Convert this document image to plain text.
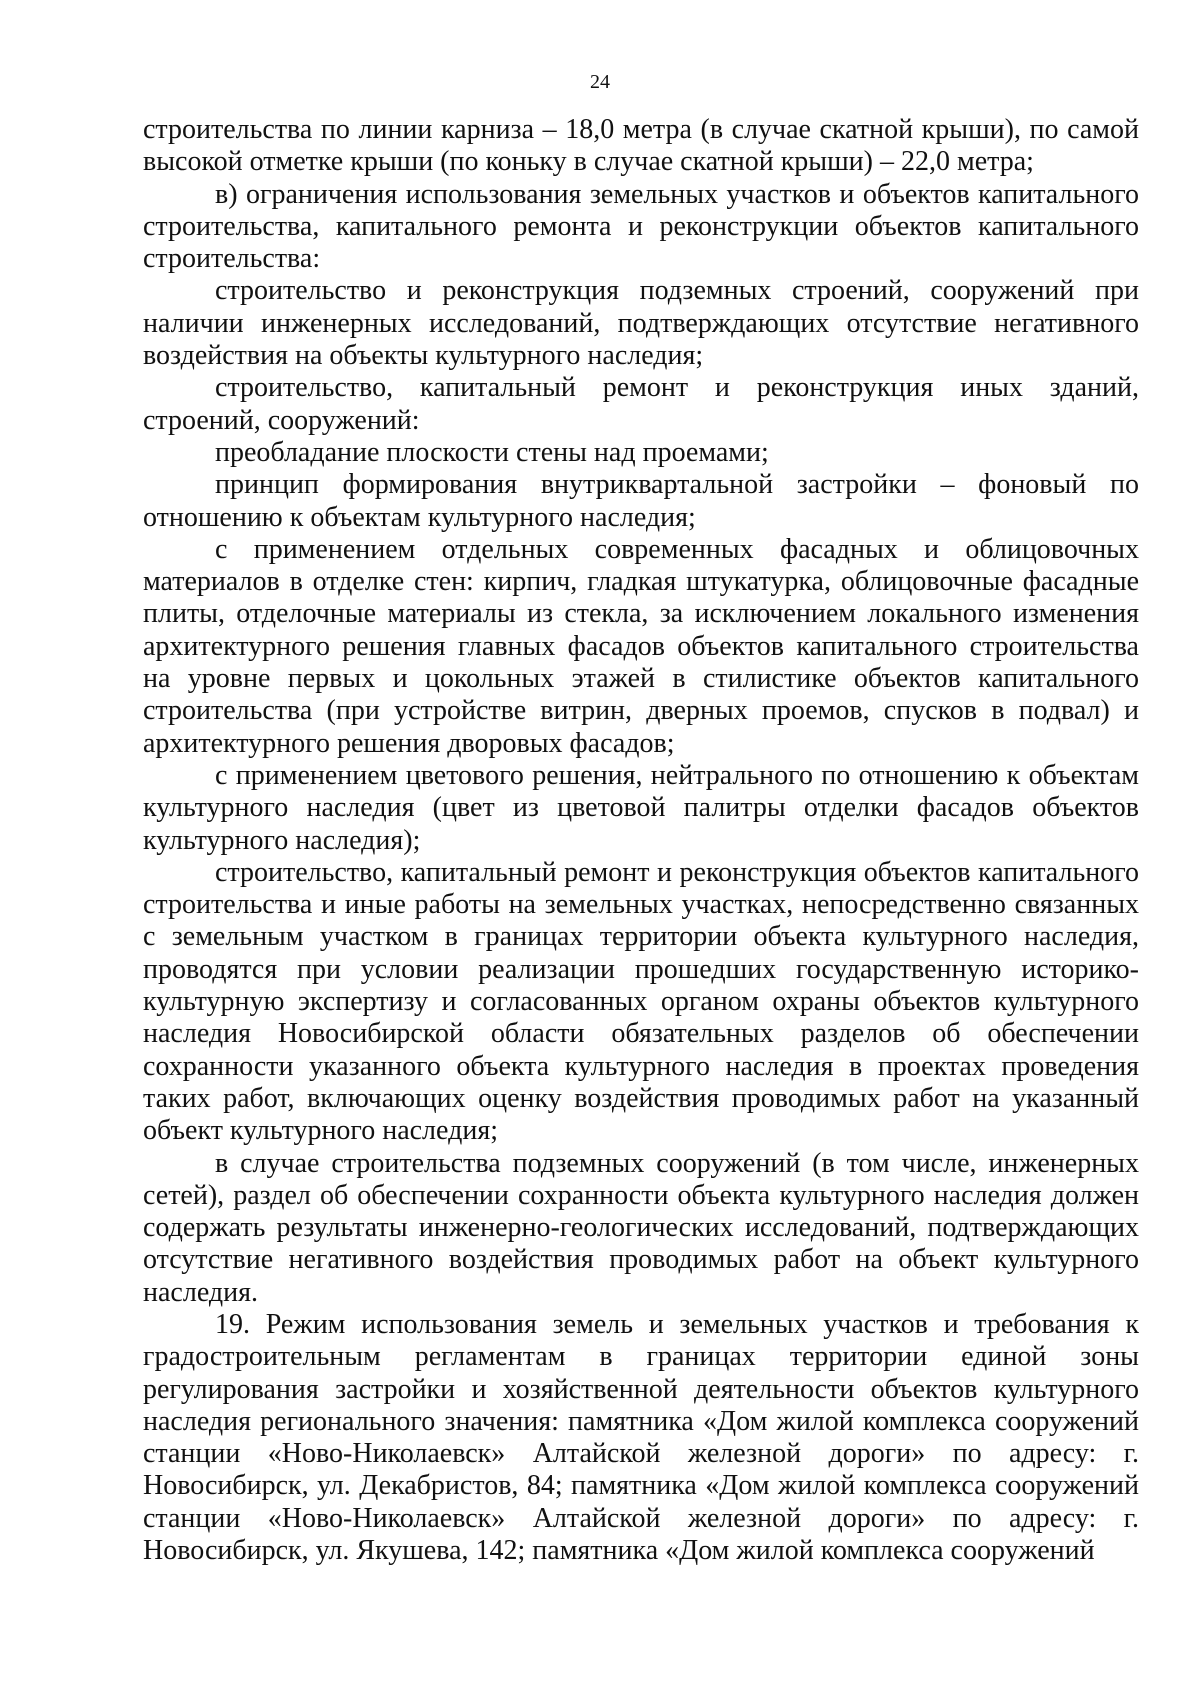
24

строительства по линии карниза – 18,0 метра (в случае скатной крыши), по самой высокой отметке крыши (по коньку в случае скатной крыши) – 22,0 метра;

в) ограничения использования земельных участков и объектов капитального строительства, капитального ремонта и реконструкции объектов капитального строительства:

строительство и реконструкция подземных строений, сооружений при наличии инженерных исследований, подтверждающих отсутствие негативного воздействия на объекты культурного наследия;

строительство, капитальный ремонт и реконструкция иных зданий, строений, сооружений:

преобладание плоскости стены над проемами;

принцип формирования внутриквартальной застройки – фоновый по отношению к объектам культурного наследия;

с применением отдельных современных фасадных и облицовочных материалов в отделке стен: кирпич, гладкая штукатурка, облицовочные фасадные плиты, отделочные материалы из стекла, за исключением локального изменения архитектурного решения главных фасадов объектов капитального строительства на уровне первых и цокольных этажей в стилистике объектов капитального строительства (при устройстве витрин, дверных проемов, спусков в подвал) и архитектурного решения дворовых фасадов;

с применением цветового решения, нейтрального по отношению к объектам культурного наследия (цвет из цветовой палитры отделки фасадов объектов культурного наследия);

строительство, капитальный ремонт и реконструкция объектов капитального строительства и иные работы на земельных участках, непосредственно связанных с земельным участком в границах территории объекта культурного наследия, проводятся при условии реализации прошедших государственную историко-культурную экспертизу и согласованных органом охраны объектов культурного наследия Новосибирской области обязательных разделов об обеспечении сохранности указанного объекта культурного наследия в проектах проведения таких работ, включающих оценку воздействия проводимых работ на указанный объект культурного наследия;

в случае строительства подземных сооружений (в том числе, инженерных сетей), раздел об обеспечении сохранности объекта культурного наследия должен содержать результаты инженерно-геологических исследований, подтверждающих отсутствие негативного воздействия проводимых работ на объект культурного наследия.

19. Режим использования земель и земельных участков и требования к градостроительным регламентам в границах территории единой зоны регулирования застройки и хозяйственной деятельности объектов культурного наследия регионального значения: памятника «Дом жилой комплекса сооружений станции «Ново-Николаевск» Алтайской железной дороги» по адресу: г. Новосибирск, ул. Декабристов, 84; памятника «Дом жилой комплекса сооружений станции «Ново-Николаевск» Алтайской железной дороги» по адресу: г. Новосибирск, ул. Якушева, 142; памятника «Дом жилой комплекса сооружений
